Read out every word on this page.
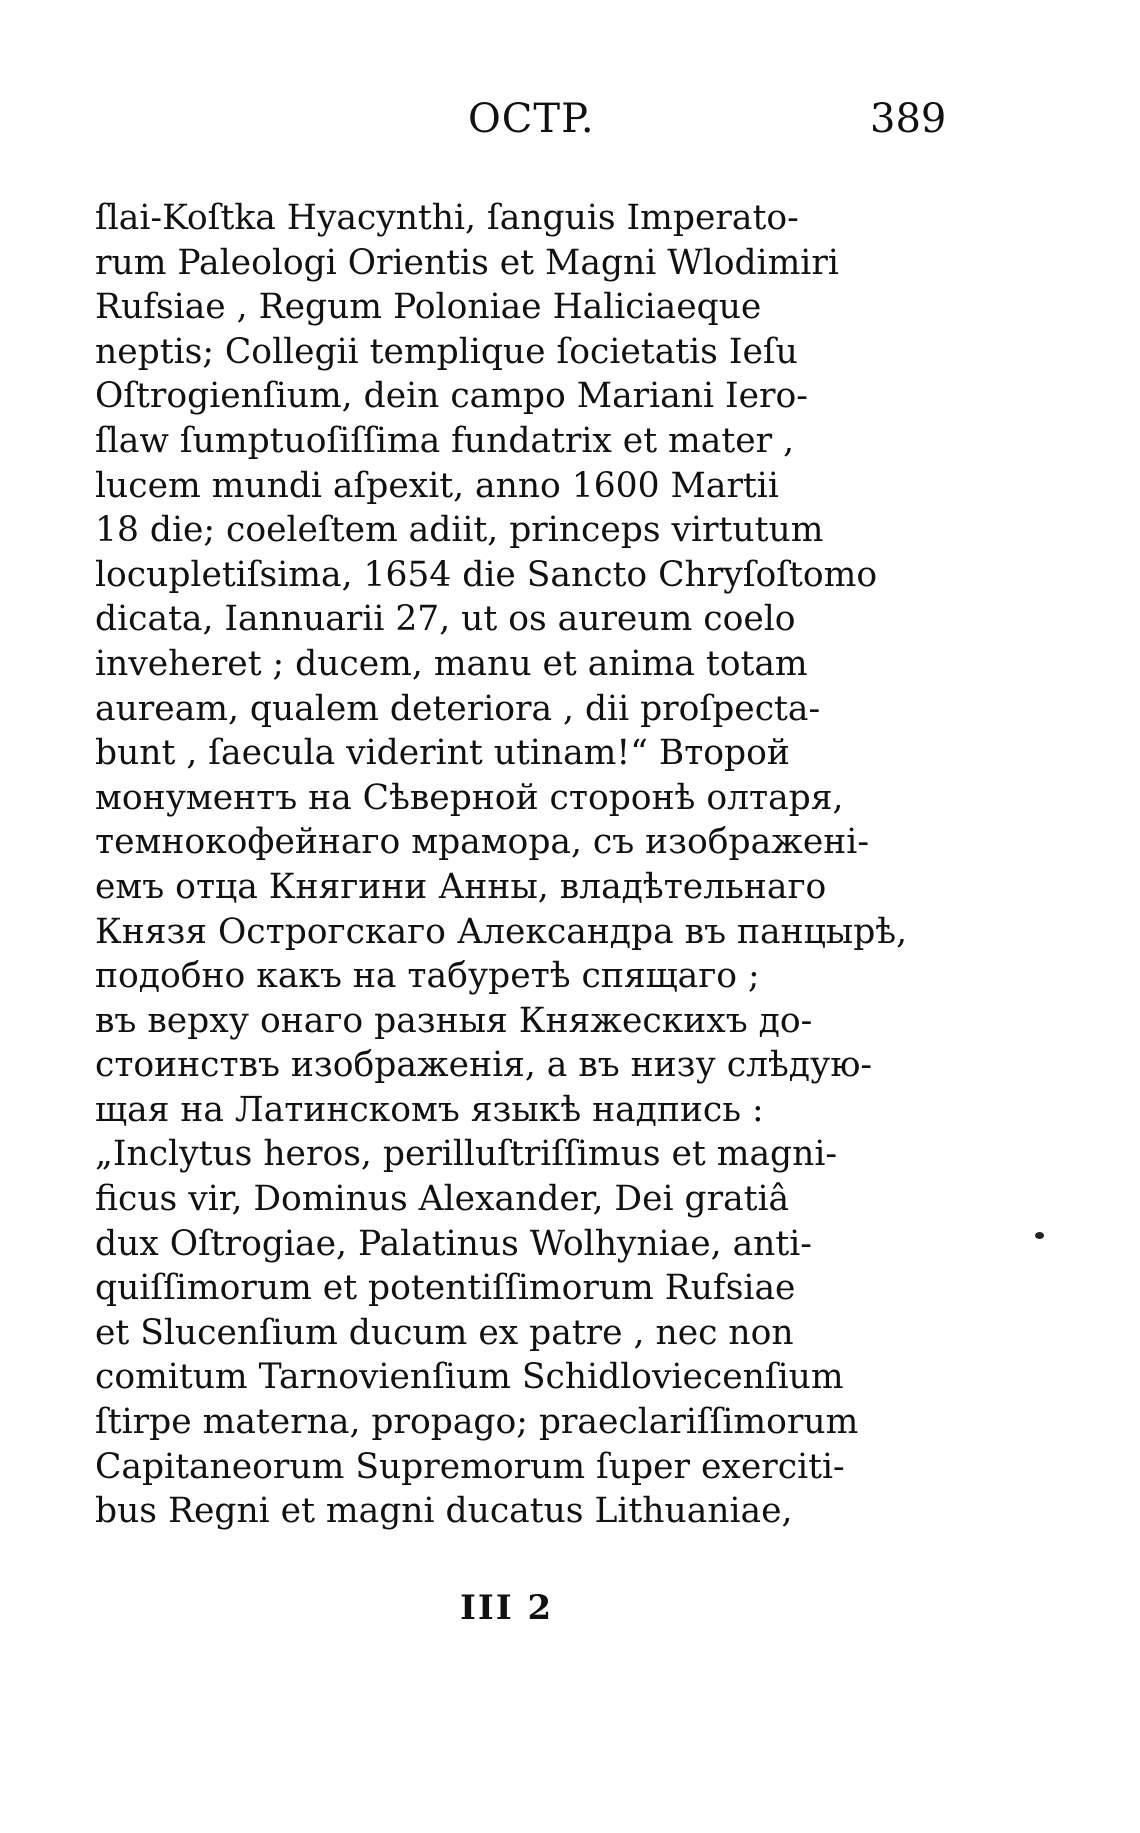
OCTP.	389
ſlai-Koſtka Hyacynthi, ſanguis Imperato-
rum Paleologi Orientis et Magni Wlodimiri
Rufsiae , Regum Poloniae Haliciaeque
neptis; Collegii templique ſocietatis Ieſu
Oſtrogienſium, dein campo Mariani Iero-
ſlaw ſumptuoſiſſima fundatrix et mater ,
lucem mundi aſpexit, anno 1600 Martii
18 die; coeleſtem adiit, princeps virtutum
locupletiſsima, 1654 die Sancto Chryſoſtomo
dicata, Iannuarii 27, ut os aureum coelo
inveheret ; ducem, manu et anima totam
auream, qualem deteriora , dii proſpecta-
bunt , ſaecula viderint utinam!“ Второй
монументъ на Сѣверной сторонѣ олтаря,
темнокофейнаго мрамора, съ изображені-
емъ отца Княгини Анны, владѣтельнаго
Князя Острогскаго Александра въ панцырѣ,
подобно какъ на табуретѣ спящаго ;
въ верху онаго разныя Княжескихъ до-
стоинствъ изображенія, а въ низу слѣдую-
щая на Латинскомъ языкѣ надпись :
„Inclytus heros, perilluſtriſſimus et magni-
ficus vir, Dominus Alexander, Dei gratiâ
dux Oſtrogiae, Palatinus Wolhyniae, anti-
quiſſimorum et potentiſſimorum Rufsiae
et Slucenſium ducum ex patre , nec non
comitum Tarnovienſium Schidloviecenſium
ſtirpe materna, propago; praeclariſſimorum
Capitaneorum Supremorum ſuper exerciti-
bus Regni et magni ducatus Lithuaniae,
III 2
